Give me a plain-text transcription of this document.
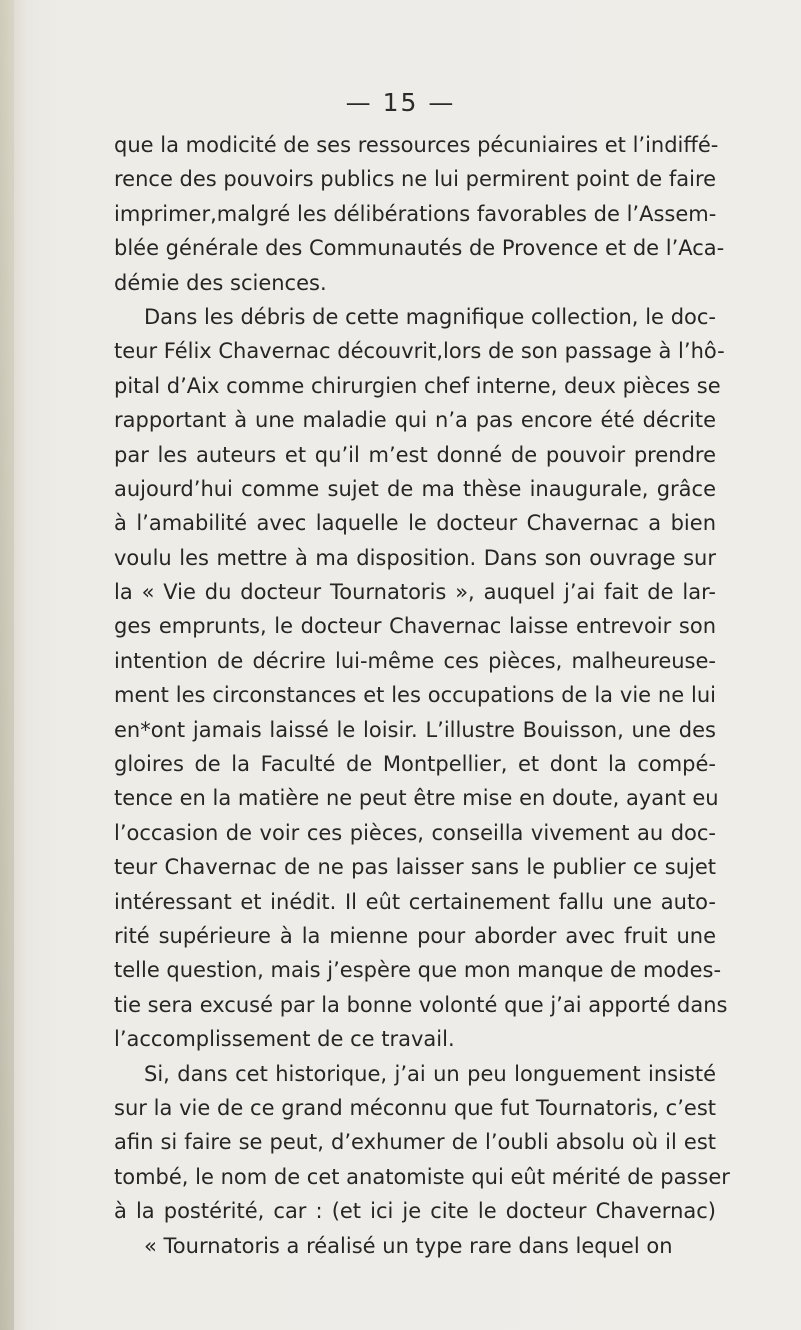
— 15 —
que la modicité de ses ressources pécuniaires et l’indiffé-
rence des pouvoirs publics ne lui permirent point de faire
imprimer,malgré les délibérations favorables de l’Assem-
blée générale des Communautés de Provence et de l’Aca-
démie des sciences.
Dans les débris de cette magnifique collection, le doc-
teur Félix Chavernac découvrit,lors de son passage à l’hô-
pital d’Aix comme chirurgien chef interne, deux pièces se
rapportant à une maladie qui n’a pas encore été décrite
par les auteurs et qu’il m’est donné de pouvoir prendre
aujourd’hui comme sujet de ma thèse inaugurale, grâce
à l’amabilité avec laquelle le docteur Chavernac a bien
voulu les mettre à ma disposition. Dans son ouvrage sur
la « Vie du docteur Tournatoris », auquel j’ai fait de lar-
ges emprunts, le docteur Chavernac laisse entrevoir son
intention de décrire lui-même ces pièces, malheureuse-
ment les circonstances et les occupations de la vie ne lui
en*ont jamais laissé le loisir. L’illustre Bouisson, une des
gloires de la Faculté de Montpellier, et dont la compé-
tence en la matière ne peut être mise en doute, ayant eu
l’occasion de voir ces pièces, conseilla vivement au doc-
teur Chavernac de ne pas laisser sans le publier ce sujet
intéressant et inédit. Il eût certainement fallu une auto-
rité supérieure à la mienne pour aborder avec fruit une
telle question, mais j’espère que mon manque de modes-
tie sera excusé par la bonne volonté que j’ai apporté dans
l’accomplissement de ce travail.
Si, dans cet historique, j’ai un peu longuement insisté
sur la vie de ce grand méconnu que fut Tournatoris, c’est
afin si faire se peut, d’exhumer de l’oubli absolu où il est
tombé, le nom de cet anatomiste qui eût mérité de passer
à la postérité, car : (et ici je cite le docteur Chavernac)
« Tournatoris a réalisé un type rare dans lequel on
